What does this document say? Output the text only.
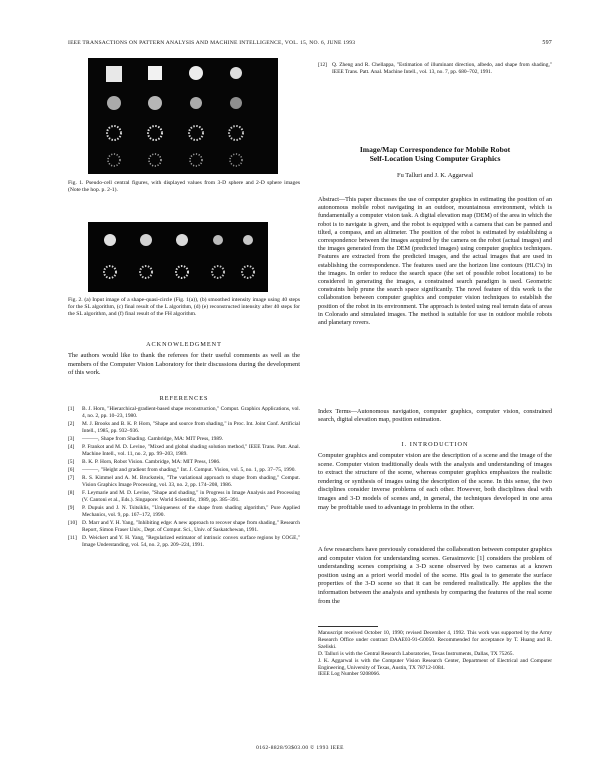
IEEE TRANSACTIONS ON PATTERN ANALYSIS AND MACHINE INTELLIGENCE, VOL. 15, NO. 6, JUNE 1993	597
Fig. 1. Pseudo-cell central figures, with displayed values from 3-D sphere and 2-D sphere images (Note the hop. p. 2-1).
Fig. 2. (a) Input image of a shape-quasi-circle (Fig. 1(a)), (b) smoothed intensity image using 40 steps for the SL algorithm, (c) final result of the L algorithm, (d) (e) reconstructed intensity after 40 steps for the SL algorithm, and (f) final result of the FH algorithm.
ACKNOWLEDGMENT
The authors would like to thank the referees for their useful comments as well as the members of the Computer Vision Laboratory for their discussions during the development of this work.
REFERENCES
[1]	B. J. Horn, "Hierarchical-gradient-based shape reconstruction," Comput. Graphics Applications, vol. 4, no. 2, pp. 10–23, 1980.
[2]	M. J. Brooks and B. K. P. Horn, "Shape and source from shading," in Proc. Int. Joint Conf. Artificial Intell., 1985, pp. 932–936.
[3]	———, Shape from Shading. Cambridge, MA: MIT Press, 1989.
[4]	P. Frankot and M. D. Levine, "Mixed and global shading solution method," IEEE Trans. Patt. Anal. Machine Intell., vol. 11, no. 2, pp. 99–203, 1989.
[5]	B. K. P. Horn, Robot Vision. Cambridge, MA: MIT Press, 1986.
[6]	———, "Height and gradient from shading," Int. J. Comput. Vision, vol. 5, no. 1, pp. 37–75, 1990.
[7]	R. S. Kimmel and A. M. Bruckstein, "The variational approach to shape from shading," Comput. Vision Graphics Image Processing, vol. 33, no. 2, pp. 174–208, 1986.
[8]	F. Leymarie and M. D. Levine, "Shape and shading," in Progress in Image Analysis and Processing (V. Cantoni et al., Eds.). Singapore: World Scientific, 1989, pp. 385–391.
[9]	P. Dupuis and J. N. Tsitsiklis, "Uniqueness of the shape from shading algorithm," Pure Applied Mechanics, vol. 9, pp. 167–172, 1990.
[10] D. Marr and Y. H. Yang, "Inhibiting edge: A new approach to recover shape from shading," Research Report, Simon Fraser Univ., Dept. of Comput. Sci., Univ. of Saskatchewan, 1991.
[11] D. Weickert and Y. H. Yang, "Regularized estimator of intrinsic convex surface regions by COGE," Image Understanding, vol. 54, no. 2, pp. 209–224, 1991.
[12] Q. Zheng and R. Chellappa, "Estimation of illuminant direction, albedo, and shape from shading," IEEE Trans. Patt. Anal. Machine Intell., vol. 13, no. 7, pp. 680–702, 1991.
Image/Map Correspondence for Mobile Robot
Self-Location Using Computer Graphics
Fu Talluri and J. K. Aggarwal
Abstract—This paper discusses the use of computer graphics in estimating the position of an autonomous mobile robot navigating in an outdoor, mountainous environment, which is fundamentally a computer vision task. A digital elevation map (DEM) of the area in which the robot is to navigate is given, and the robot is equipped with a camera that can be panned and tilted, a compass, and an altimeter. The position of the robot is estimated by establishing a correspondence between the images acquired by the camera on the robot (actual images) and the images generated from the DEM (predicted images) using computer graphics techniques. Features are extracted from the predicted images, and the actual images that are used in establishing the correspondence. The features used are the horizon line contours (HLC's) in the images. In order to reduce the search space (the set of possible robot locations) to be considered in generating the images, a constrained search paradigm is used. Geometric constraints help prune the search space significantly. The novel feature of this work is the collaboration between computer graphics and computer vision techniques to establish the position of the robot in its environment. The approach is tested using real terrain data of areas in Colorado and simulated images. The method is suitable for use in outdoor mobile robots and planetary rovers.
Index Terms—Autonomous navigation, computer graphics, computer vision, constrained search, digital elevation map, position estimation.
I. INTRODUCTION
Computer graphics and computer vision are the description of a scene and the image of the scene. Computer vision traditionally deals with the analysis and understanding of images to extract the structure of the scene, whereas computer graphics emphasizes the realistic rendering or synthesis of images using the description of the scene. In this sense, the two disciplines consider inverse problems of each other. However, both disciplines deal with images and 3-D models of scenes and, in general, the techniques developed in one area may be profitable used to advantage in problems in the other.
A few researchers have previously considered the collaboration between computer graphics and computer vision for understanding scenes. Gerasimovic [1] considers the problem of understanding scenes comprising a 3-D scene observed by two cameras at a known position using an a priori world model of the scene. His goal is to generate the surface properties of the 3-D scene so that it can be rendered realistically. He applies the the information between the analysis and synthesis by comparing the features of the real scene from the
Manuscript received October 10, 1990; revised December 4, 1992. This work was supported by the Army Research Office under contract DAAE03-91-G0050. Recommended for acceptance by T. Huang and R. Szeliski.
D. Talluri is with the Central Research Laboratories, Texas Instruments, Dallas, TX 75265.
J. K. Aggarwal is with the Computer Vision Research Center, Department of Electrical and Computer Engineering, University of Texas, Austin, TX 78712-1084.
IEEE Log Number 9208066.
0162-8828/93$03.00 © 1993 IEEE
